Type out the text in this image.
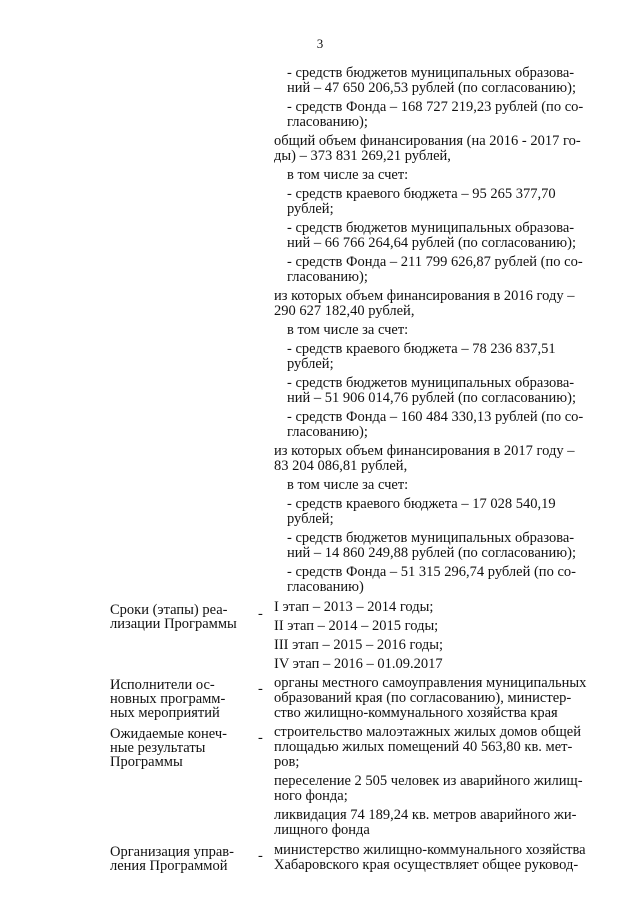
3
- средств бюджетов муниципальных образова-
ний – 47 650 206,53 рублей (по согласованию);
- средств Фонда – 168 727 219,23 рублей (по со-
гласованию);
общий объем финансирования (на 2016 - 2017 го-
ды) – 373 831 269,21 рублей,
в том числе за счет:
- средств краевого бюджета – 95 265 377,70
рублей;
- средств бюджетов муниципальных образова-
ний – 66 766 264,64 рублей (по согласованию);
- средств Фонда – 211 799 626,87 рублей (по со-
гласованию);
из которых объем финансирования в 2016 году –
290 627 182,40 рублей,
в том числе за счет:
- средств краевого бюджета – 78 236 837,51
рублей;
- средств бюджетов муниципальных образова-
ний – 51 906 014,76 рублей (по согласованию);
- средств Фонда – 160 484 330,13 рублей (по со-
гласованию);
из которых объем финансирования в 2017 году –
83 204 086,81 рублей,
в том числе за счет:
- средств краевого бюджета – 17 028 540,19
рублей;
- средств бюджетов муниципальных образова-
ний – 14 860 249,88 рублей (по согласованию);
- средств Фонда – 51 315 296,74 рублей (по со-
гласованию)
Сроки (этапы) реа-
лизации Программы
- I этап – 2013 – 2014 годы;
II этап – 2014 – 2015 годы;
III этап – 2015 – 2016 годы;
IV этап – 2016 – 01.09.2017
Исполнители ос-
новных программ-
ных мероприятий
- органы местного самоуправления муниципальных
образований края (по согласованию), министер-
ство жилищно-коммунального хозяйства края
Ожидаемые конеч-
ные результаты
Программы
- строительство малоэтажных жилых домов общей
площадью жилых помещений 40 563,80 кв. мет-
ров;
переселение 2 505 человек из аварийного жилищ-
ного фонда;
ликвидация 74 189,24 кв. метров аварийного жи-
лищного фонда
Организация управ-
ления Программой
- министерство жилищно-коммунального хозяйства
Хабаровского края осуществляет общее руковод-
